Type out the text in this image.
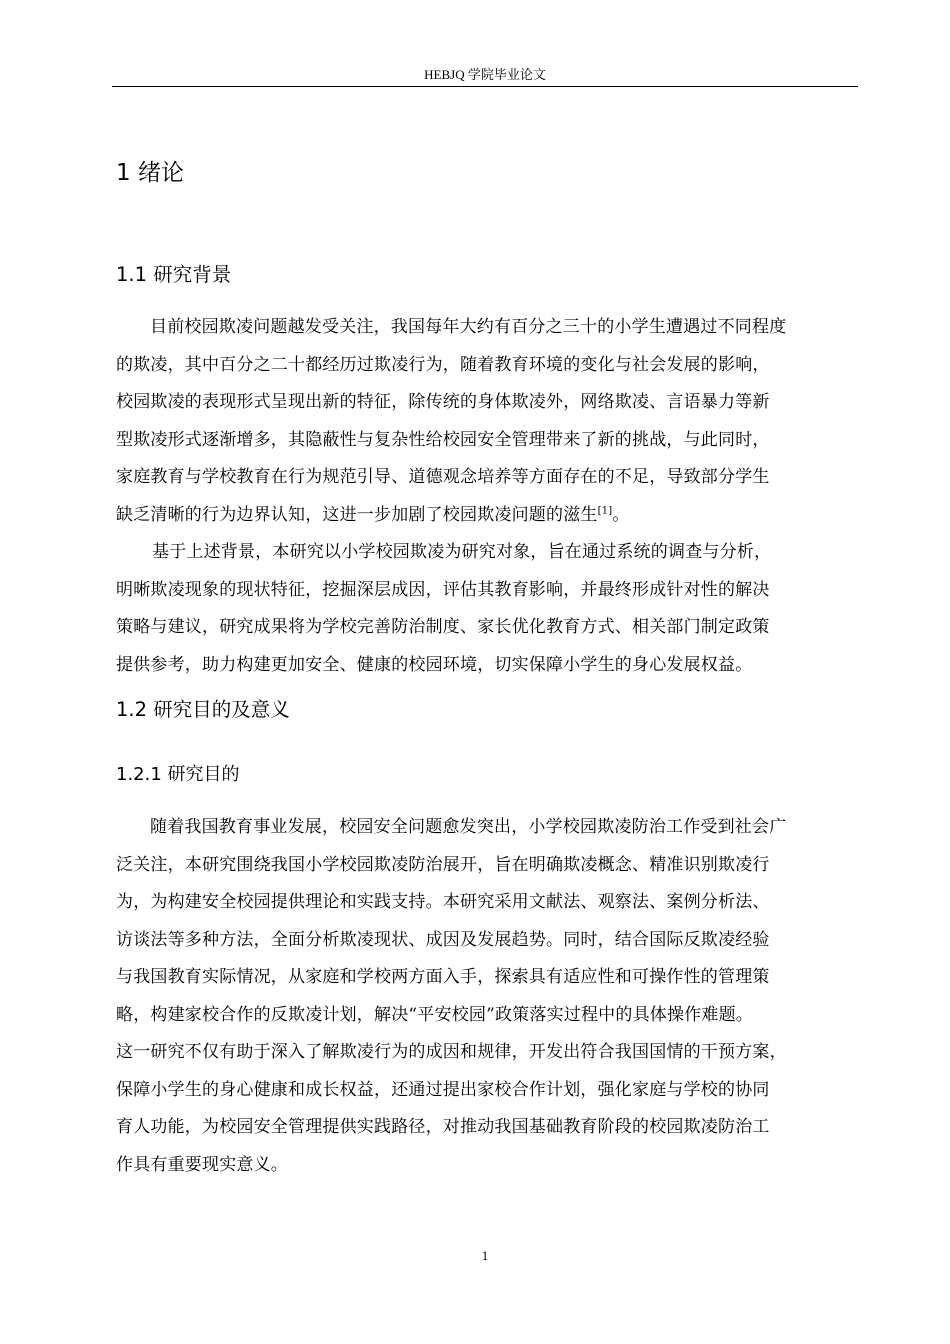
HEBJQ 学院毕业论文
1 绪论
1.1 研究背景

目前校园欺凌问题越发受关注，我国每年大约有百分之三十的小学生遭遇过不同程度
的欺凌，其中百分之二十都经历过欺凌行为，随着教育环境的变化与社会发展的影响，
校园欺凌的表现形式呈现出新的特征，除传统的身体欺凌外，网络欺凌、言语暴力等新
型欺凌形式逐渐增多，其隐蔽性与复杂性给校园安全管理带来了新的挑战，与此同时，
家庭教育与学校教育在行为规范引导、道德观念培养等方面存在的不足，导致部分学生
缺乏清晰的行为边界认知，这进一步加剧了校园欺凌问题的滋生[1]。

基于上述背景，本研究以小学校园欺凌为研究对象，旨在通过系统的调查与分析，
明晰欺凌现象的现状特征，挖掘深层成因，评估其教育影响，并最终形成针对性的解决
策略与建议，研究成果将为学校完善防治制度、家长优化教育方式、相关部门制定政策
提供参考，助力构建更加安全、健康的校园环境，切实保障小学生的身心发展权益。

1.2 研究目的及意义
1.2.1 研究目的

随着我国教育事业发展，校园安全问题愈发突出，小学校园欺凌防治工作受到社会广
泛关注，本研究围绕我国小学校园欺凌防治展开，旨在明确欺凌概念、精准识别欺凌行
为，为构建安全校园提供理论和实践支持。本研究采用文献法、观察法、案例分析法、
访谈法等多种方法，全面分析欺凌现状、成因及发展趋势。同时，结合国际反欺凌经验
与我国教育实际情况，从家庭和学校两方面入手，探索具有适应性和可操作性的管理策
略，构建家校合作的反欺凌计划，解决“平安校园”政策落实过程中的具体操作难题。
这一研究不仅有助于深入了解欺凌行为的成因和规律，开发出符合我国国情的干预方案，
保障小学生的身心健康和成长权益，还通过提出家校合作计划，强化家庭与学校的协同
育人功能，为校园安全管理提供实践路径，对推动我国基础教育阶段的校园欺凌防治工
作具有重要现实意义。

1
